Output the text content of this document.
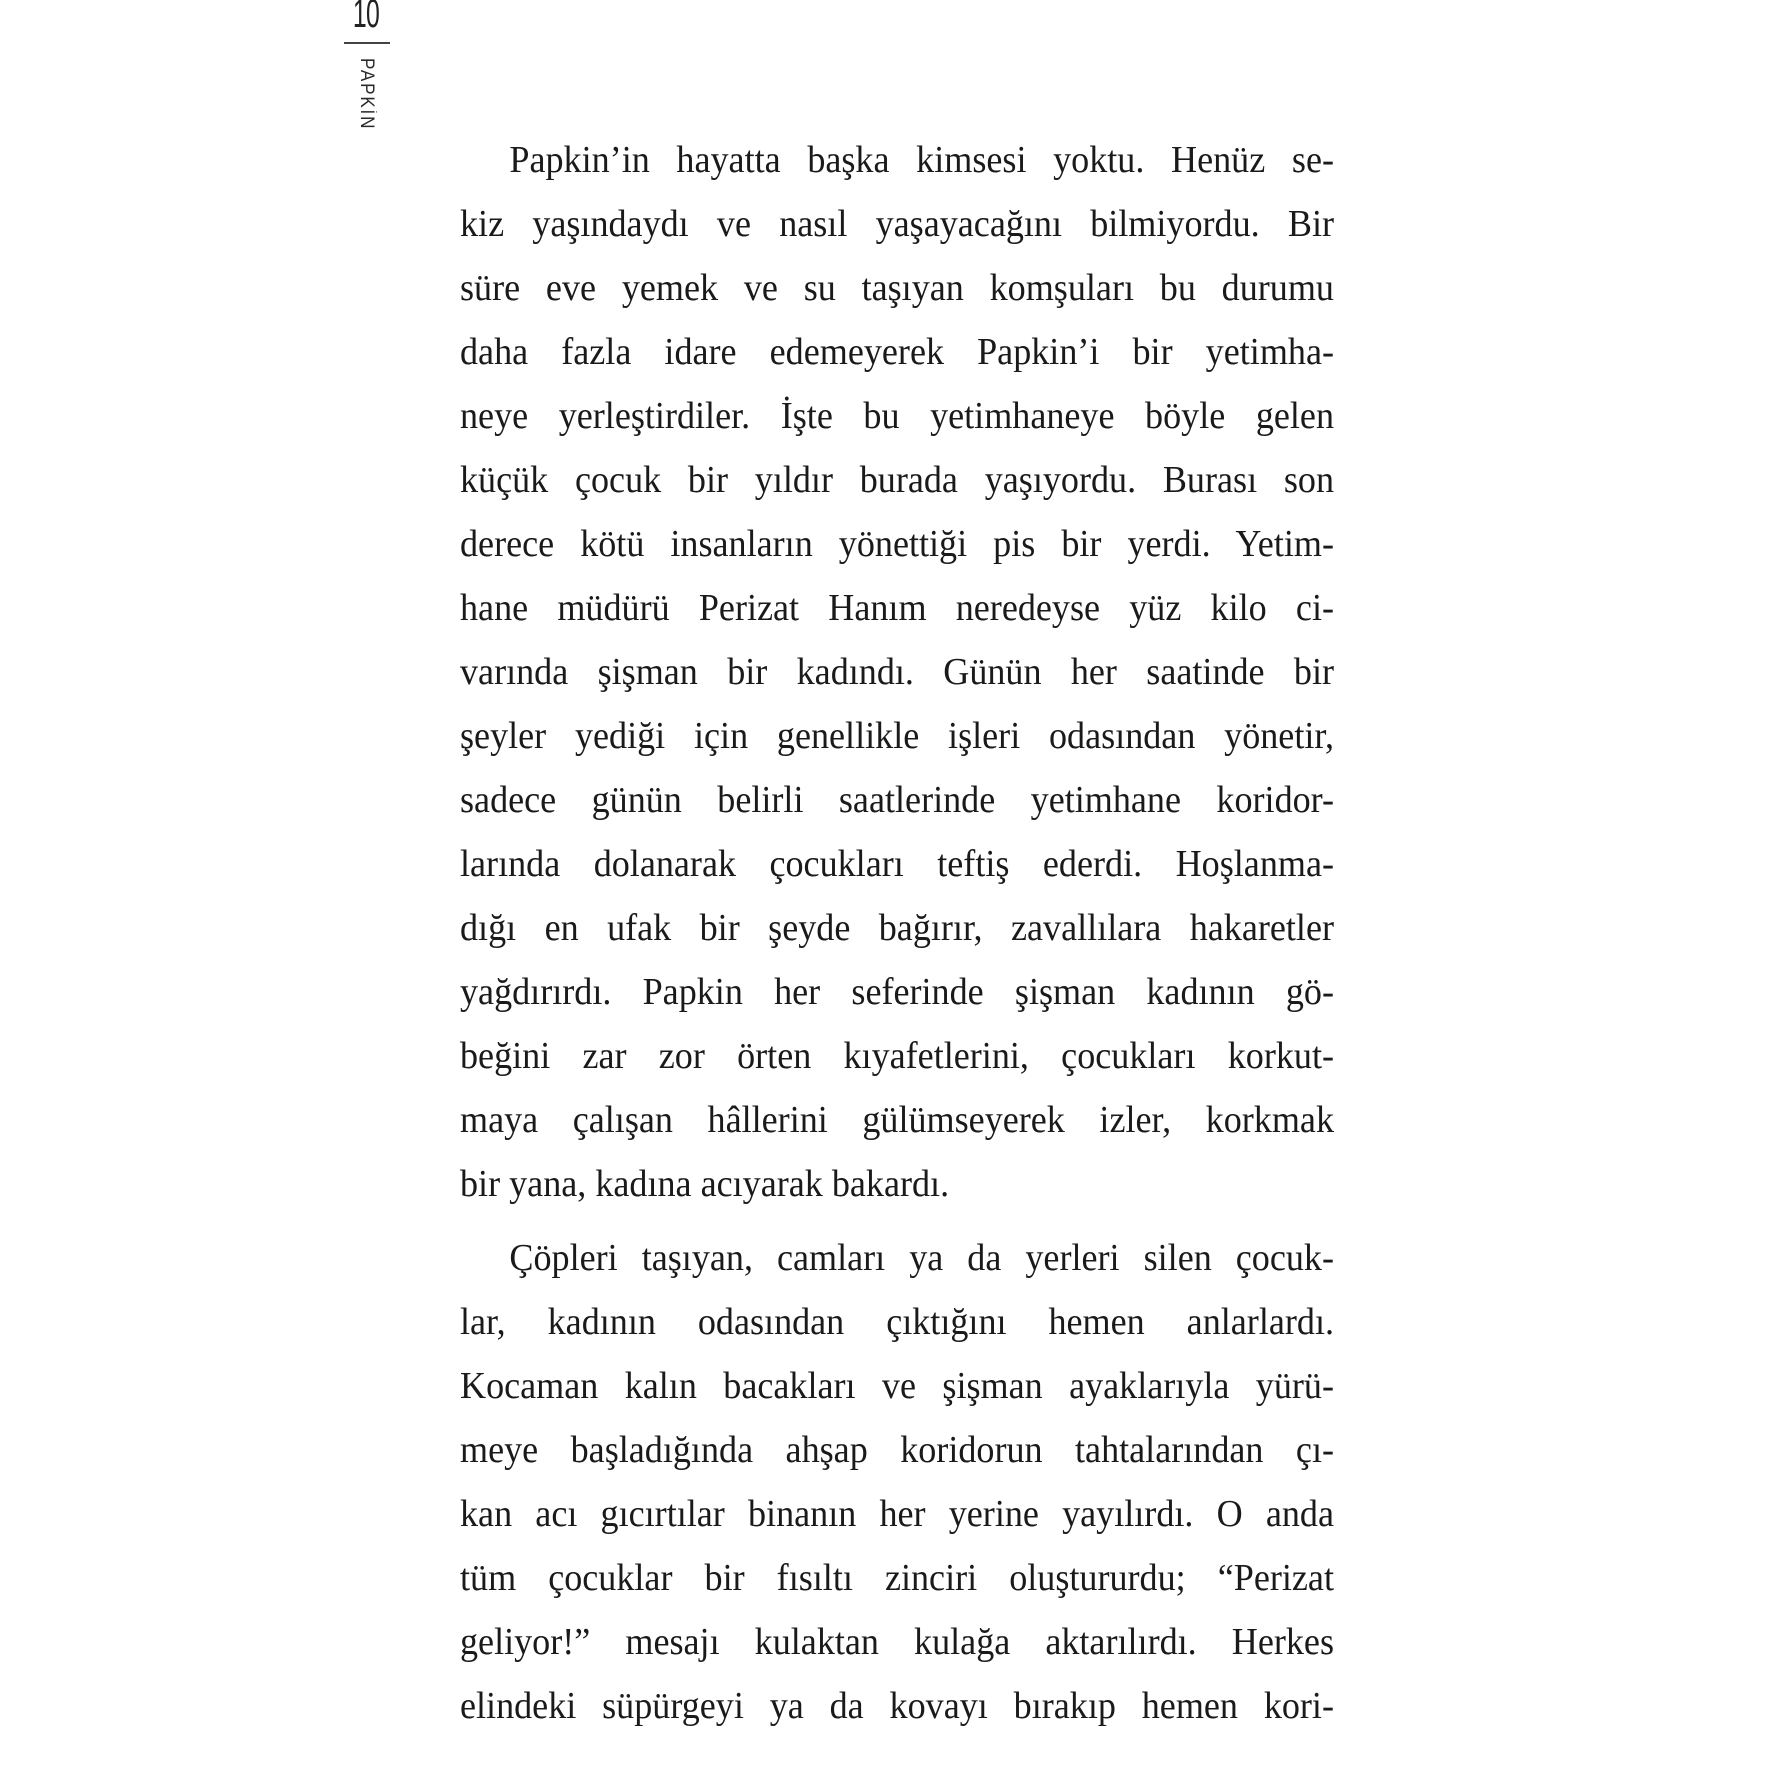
10
PAPKİN
Papkin’in hayatta başka kimsesi yoktu. Henüz se-
kiz yaşındaydı ve nasıl yaşayacağını bilmiyordu. Bir
süre eve yemek ve su taşıyan komşuları bu durumu
daha fazla idare edemeyerek Papkin’i bir yetimha-
neye yerleştirdiler. İşte bu yetimhaneye böyle gelen
küçük çocuk bir yıldır burada yaşıyordu. Burası son
derece kötü insanların yönettiği pis bir yerdi. Yetim-
hane müdürü Perizat Hanım neredeyse yüz kilo ci-
varında şişman bir kadındı. Günün her saatinde bir
şeyler yediği için genellikle işleri odasından yönetir,
sadece günün belirli saatlerinde yetimhane koridor-
larında dolanarak çocukları teftiş ederdi. Hoşlanma-
dığı en ufak bir şeyde bağırır, zavallılara hakaretler
yağdırırdı. Papkin her seferinde şişman kadının gö-
beğini zar zor örten kıyafetlerini, çocukları korkut-
maya çalışan hâllerini gülümseyerek izler, korkmak
bir yana, kadına acıyarak bakardı.
Çöpleri taşıyan, camları ya da yerleri silen çocuk-
lar, kadının odasından çıktığını hemen anlarlardı.
Kocaman kalın bacakları ve şişman ayaklarıyla yürü-
meye başladığında ahşap koridorun tahtalarından çı-
kan acı gıcırtılar binanın her yerine yayılırdı. O anda
tüm çocuklar bir fısıltı zinciri oluştururdu; “Perizat
geliyor!” mesajı kulaktan kulağa aktarılırdı. Herkes
elindeki süpürgeyi ya da kovayı bırakıp hemen kori-
